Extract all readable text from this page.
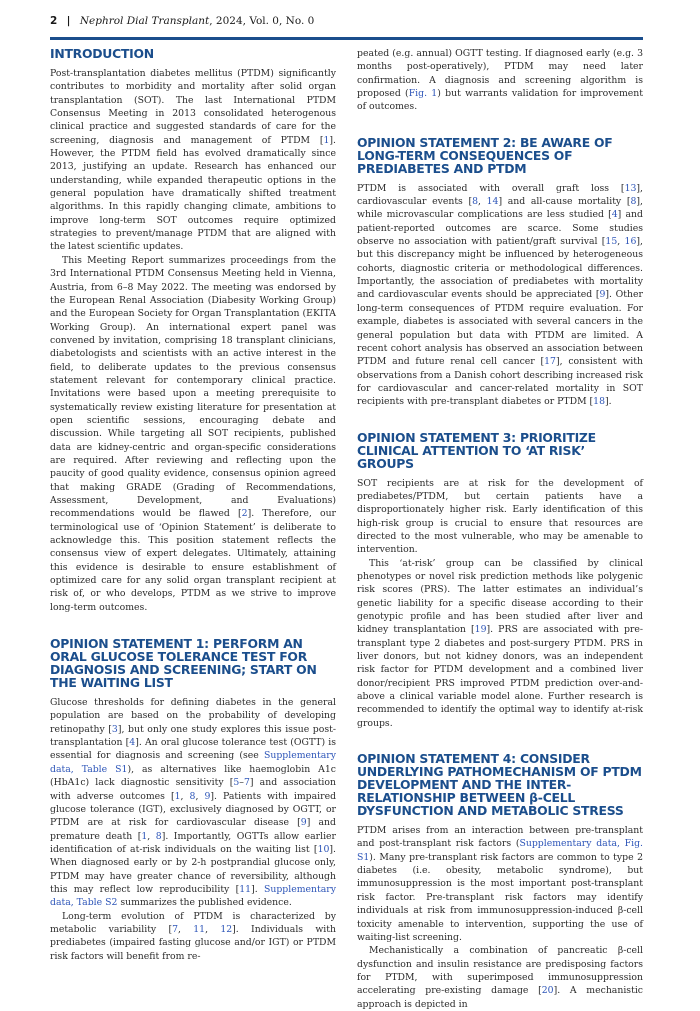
2 | Nephrol Dial Transplant, 2024, Vol. 0, No. 0
INTRODUCTION

Post-transplantation diabetes mellitus (PTDM) significantly contributes to morbidity and mortality after solid organ transplantation (SOT). The last International PTDM Consensus Meeting in 2013 consolidated heterogenous clinical practice and suggested standards of care for the screening, diagnosis and management of PTDM [1]. However, the PTDM field has evolved dramatically since 2013, justifying an update. Research has enhanced our understanding, while expanded therapeutic options in the general population have dramatically shifted treatment algorithms. In this rapidly changing climate, ambitions to improve long-term SOT outcomes require optimized strategies to prevent/manage PTDM that are aligned with the latest scientific updates.

This Meeting Report summarizes proceedings from the 3rd International PTDM Consensus Meeting held in Vienna, Austria, from 6–8 May 2022. The meeting was endorsed by the European Renal Association (Diabesity Working Group) and the European Society for Organ Transplantation (EKITA Working Group). An international expert panel was convened by invitation, comprising 18 transplant clinicians, diabetologists and scientists with an active interest in the field, to deliberate updates to the previous consensus statement relevant for contemporary clinical practice. Invitations were based upon a meeting prerequisite to systematically review existing literature for presentation at open scientific sessions, encouraging debate and discussion. While targeting all SOT recipients, published data are kidney-centric and organ-specific considerations are required. After reviewing and reflecting upon the paucity of good quality evidence, consensus opinion agreed that making GRADE (Grading of Recommendations, Assessment, Development, and Evaluations) recommendations would be flawed [2]. Therefore, our terminological use of ‘Opinion Statement’ is deliberate to acknowledge this. This position statement reflects the consensus view of expert delegates. Ultimately, attaining this evidence is desirable to ensure establishment of optimized care for any solid organ transplant recipient at risk of, or who develops, PTDM as we strive to improve long-term outcomes.

OPINION STATEMENT 1: PERFORM AN ORAL GLUCOSE TOLERANCE TEST FOR DIAGNOSIS AND SCREENING; START ON THE WAITING LIST

Glucose thresholds for defining diabetes in the general population are based on the probability of developing retinopathy [3], but only one study explores this issue post-transplantation [4]. An oral glucose tolerance test (OGTT) is essential for diagnosis and screening (see Supplementary data, Table S1), as alternatives like haemoglobin A1c (HbA1c) lack diagnostic sensitivity [5–7] and association with adverse outcomes [1, 8, 9]. Patients with impaired glucose tolerance (IGT), exclusively diagnosed by OGTT, or PTDM are at risk for cardiovascular disease [9] and premature death [1, 8]. Importantly, OGTTs allow earlier identification of at-risk individuals on the waiting list [10]. When diagnosed early or by 2-h postprandial glucose only, PTDM may have greater chance of reversibility, although this may reflect low reproducibility [11]. Supplementary data, Table S2 summarizes the published evidence.

Long-term evolution of PTDM is characterized by metabolic variability [7, 11, 12]. Individuals with prediabetes (impaired fasting glucose and/or IGT) or PTDM risk factors will benefit from re-

peated (e.g. annual) OGTT testing. If diagnosed early (e.g. 3 months post-operatively), PTDM may need later confirmation. A diagnosis and screening algorithm is proposed (Fig. 1) but warrants validation for improvement of outcomes.

OPINION STATEMENT 2: BE AWARE OF LONG-TERM CONSEQUENCES OF PREDIABETES AND PTDM

PTDM is associated with overall graft loss [13], cardiovascular events [8, 14] and all-cause mortality [8], while microvascular complications are less studied [4] and patient-reported outcomes are scarce. Some studies observe no association with patient/graft survival [15, 16], but this discrepancy might be influenced by heterogeneous cohorts, diagnostic criteria or methodological differences. Importantly, the association of prediabetes with mortality and cardiovascular events should be appreciated [9]. Other long-term consequences of PTDM require evaluation. For example, diabetes is associated with several cancers in the general population but data with PTDM are limited. A recent cohort analysis has observed an association between PTDM and future renal cell cancer [17], consistent with observations from a Danish cohort describing increased risk for cardiovascular and cancer-related mortality in SOT recipients with pre-transplant diabetes or PTDM [18].

OPINION STATEMENT 3: PRIORITIZE CLINICAL ATTENTION TO ‘AT RISK’ GROUPS

SOT recipients are at risk for the development of prediabetes/PTDM, but certain patients have a disproportionately higher risk. Early identification of this high-risk group is crucial to ensure that resources are directed to the most vulnerable, who may be amenable to intervention.

This ‘at-risk’ group can be classified by clinical phenotypes or novel risk prediction methods like polygenic risk scores (PRS). The latter estimates an individual’s genetic liability for a specific disease according to their genotypic profile and has been studied after liver and kidney transplantation [19]. PRS are associated with pre-transplant type 2 diabetes and post-surgery PTDM. PRS in liver donors, but not kidney donors, was an independent risk factor for PTDM development and a combined liver donor/recipient PRS improved PTDM prediction over-and-above a clinical variable model alone. Further research is recommended to identify the optimal way to identify at-risk groups.

OPINION STATEMENT 4: CONSIDER UNDERLYING PATHOMECHANISM OF PTDM DEVELOPMENT AND THE INTER-RELATIONSHIP BETWEEN β-CELL DYSFUNCTION AND METABOLIC STRESS

PTDM arises from an interaction between pre-transplant and post-transplant risk factors (Supplementary data, Fig. S1). Many pre-transplant risk factors are common to type 2 diabetes (i.e. obesity, metabolic syndrome), but immunosuppression is the most important post-transplant risk factor. Pre-transplant risk factors may identify individuals at risk from immunosuppression-induced β-cell toxicity amenable to intervention, supporting the use of waiting-list screening.

Mechanistically a combination of pancreatic β-cell dysfunction and insulin resistance are predisposing factors for PTDM, with superimposed immunosuppression accelerating pre-existing damage [20]. A mechanistic approach is depicted in
